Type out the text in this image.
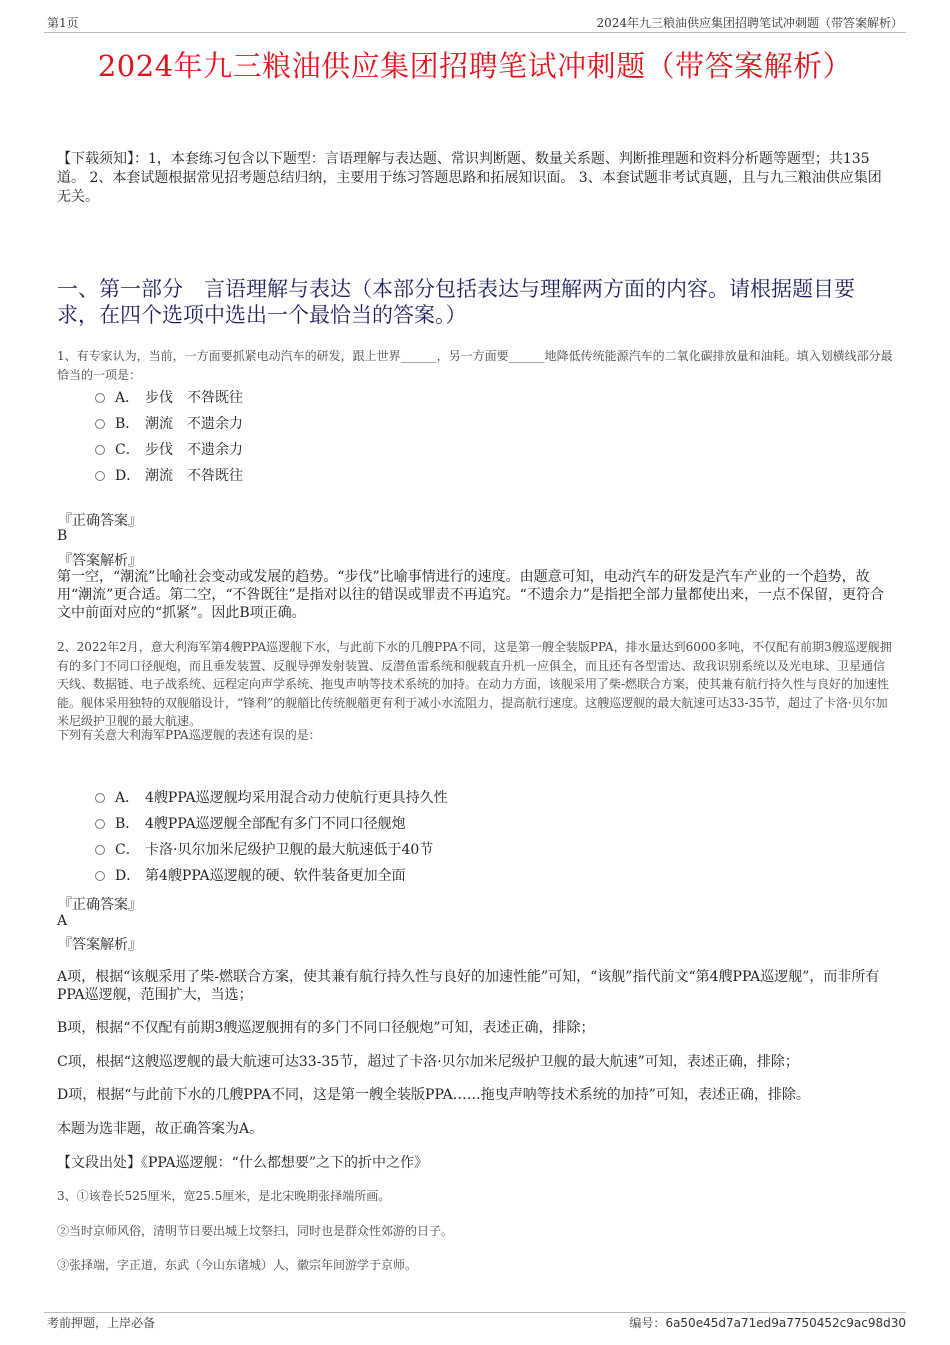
第1页	2024年九三粮油供应集团招聘笔试冲刺题（带答案解析）
2024年九三粮油供应集团招聘笔试冲刺题（带答案解析）
【下载须知】：1，本套练习包含以下题型：言语理解与表达题、常识判断题、数量关系题、判断推理题和资料分析题等题型；共135道。 2、本套试题根据常见招考题总结归纳，主要用于练习答题思路和拓展知识面。 3、本套试题非考试真题，且与九三粮油供应集团无关。
一、第一部分　言语理解与表达（本部分包括表达与理解两方面的内容。请根据题目要求，在四个选项中选出一个最恰当的答案。）
1、有专家认为，当前，一方面要抓紧电动汽车的研发，跟上世界______，另一方面要______地降低传统能源汽车的二氧化碳排放量和油耗。填入划横线部分最恰当的一项是：
A． 步伐　不咎既往
B． 潮流　不遗余力
C． 步伐　不遗余力
D． 潮流　不咎既往
『正确答案』
B
『答案解析』
第一空，“潮流”比喻社会变动或发展的趋势。“步伐”比喻事情进行的速度。由题意可知，电动汽车的研发是汽车产业的一个趋势，故用“潮流”更合适。第二空，“不咎既往”是指对以往的错误或罪责不再追究。“不遗余力”是指把全部力量都使出来，一点不保留，更符合文中前面对应的“抓紧”。因此B项正确。
2、2022年2月，意大利海军第4艘PPA巡逻舰下水，与此前下水的几艘PPA不同，这是第一艘全装版PPA，排水量达到6000多吨，不仅配有前期3艘巡逻舰拥有的多门不同口径舰炮，而且垂发装置、反舰导弹发射装置、反潜鱼雷系统和舰载直升机一应俱全，而且还有各型雷达、敌我识别系统以及光电球、卫星通信天线、数据链、电子战系统、远程定向声学系统、拖曳声呐等技术系统的加持。在动力方面，该舰采用了柴-燃联合方案，使其兼有航行持久性与良好的加速性能。舰体采用独特的双舰艏设计，“锋利”的舰艏比传统舰艏更有利于减小水流阻力，提高航行速度。这艘巡逻舰的最大航速可达33-35节，超过了卡洛·贝尔加米尼级护卫舰的最大航速。
下列有关意大利海军PPA巡逻舰的表述有误的是：
A． 4艘PPA巡逻舰均采用混合动力使航行更具持久性
B． 4艘PPA巡逻舰全部配有多门不同口径舰炮
C． 卡洛·贝尔加米尼级护卫舰的最大航速低于40节
D． 第4艘PPA巡逻舰的硬、软件装备更加全面
『正确答案』
A
『答案解析』
A项，根据“该舰采用了柴-燃联合方案，使其兼有航行持久性与良好的加速性能”可知，“该舰”指代前文“第4艘PPA巡逻舰”，而非所有PPA巡逻舰，范围扩大，当选；
B项，根据“不仅配有前期3艘巡逻舰拥有的多门不同口径舰炮”可知，表述正确，排除；
C项，根据“这艘巡逻舰的最大航速可达33-35节，超过了卡洛·贝尔加米尼级护卫舰的最大航速”可知，表述正确，排除；
D项，根据“与此前下水的几艘PPA不同，这是第一艘全装版PPA……拖曳声呐等技术系统的加持”可知，表述正确，排除。
本题为选非题，故正确答案为A。
【文段出处】《PPA巡逻舰：“什么都想要”之下的折中之作》
3、①该卷长525厘米，宽25.5厘米，是北宋晚期张择端所画。
②当时京师风俗，清明节日要出城上坟祭扫，同时也是群众性郊游的日子。
③张择端，字正道，东武（今山东诸城）人，徽宗年间游学于京师。
考前押题，上岸必备	编号：6a50e45d7a71ed9a7750452c9ac98d30
